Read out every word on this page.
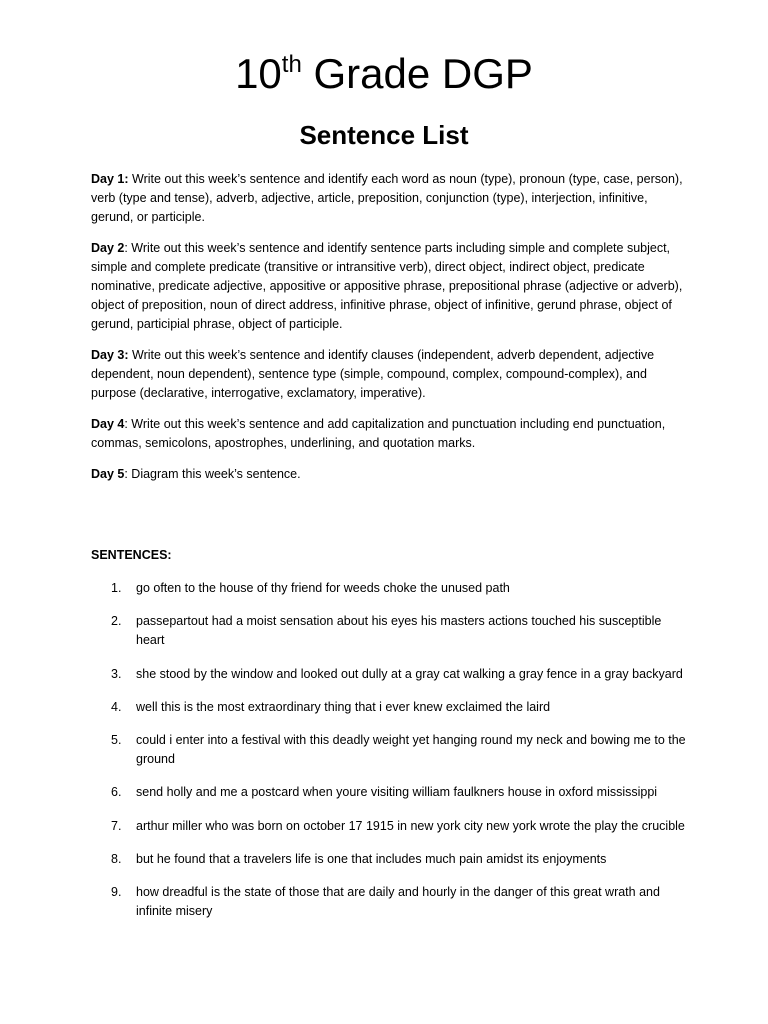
10th Grade DGP
Sentence List

Day 1: Write out this week’s sentence and identify each word as noun (type), pronoun (type, case, person), verb (type and tense), adverb, adjective, article, preposition, conjunction (type), interjection, infinitive, gerund, or participle.

Day 2: Write out this week’s sentence and identify sentence parts including simple and complete subject, simple and complete predicate (transitive or intransitive verb), direct object, indirect object, predicate nominative, predicate adjective, appositive or appositive phrase, prepositional phrase (adjective or adverb), object of preposition, noun of direct address, infinitive phrase, object of infinitive, gerund phrase, object of gerund, participial phrase, object of participle.

Day 3: Write out this week’s sentence and identify clauses (independent, adverb dependent, adjective dependent, noun dependent), sentence type (simple, compound, complex, compound-complex), and purpose (declarative, interrogative, exclamatory, imperative).

Day 4: Write out this week’s sentence and add capitalization and punctuation including end punctuation, commas, semicolons, apostrophes, underlining, and quotation marks.

Day 5: Diagram this week’s sentence.

SENTENCES:

1. go often to the house of thy friend for weeds choke the unused path
2. passepartout had a moist sensation about his eyes his masters actions touched his susceptible heart
3. she stood by the window and looked out dully at a gray cat walking a gray fence in a gray backyard
4. well this is the most extraordinary thing that i ever knew exclaimed the laird
5. could i enter into a festival with this deadly weight yet hanging round my neck and bowing me to the ground
6. send holly and me a postcard when youre visiting william faulkners house in oxford mississippi
7. arthur miller who was born on october 17 1915 in new york city new york wrote the play the crucible
8. but he found that a travelers life is one that includes much pain amidst its enjoyments
9. how dreadful is the state of those that are daily and hourly in the danger of this great wrath and infinite misery
